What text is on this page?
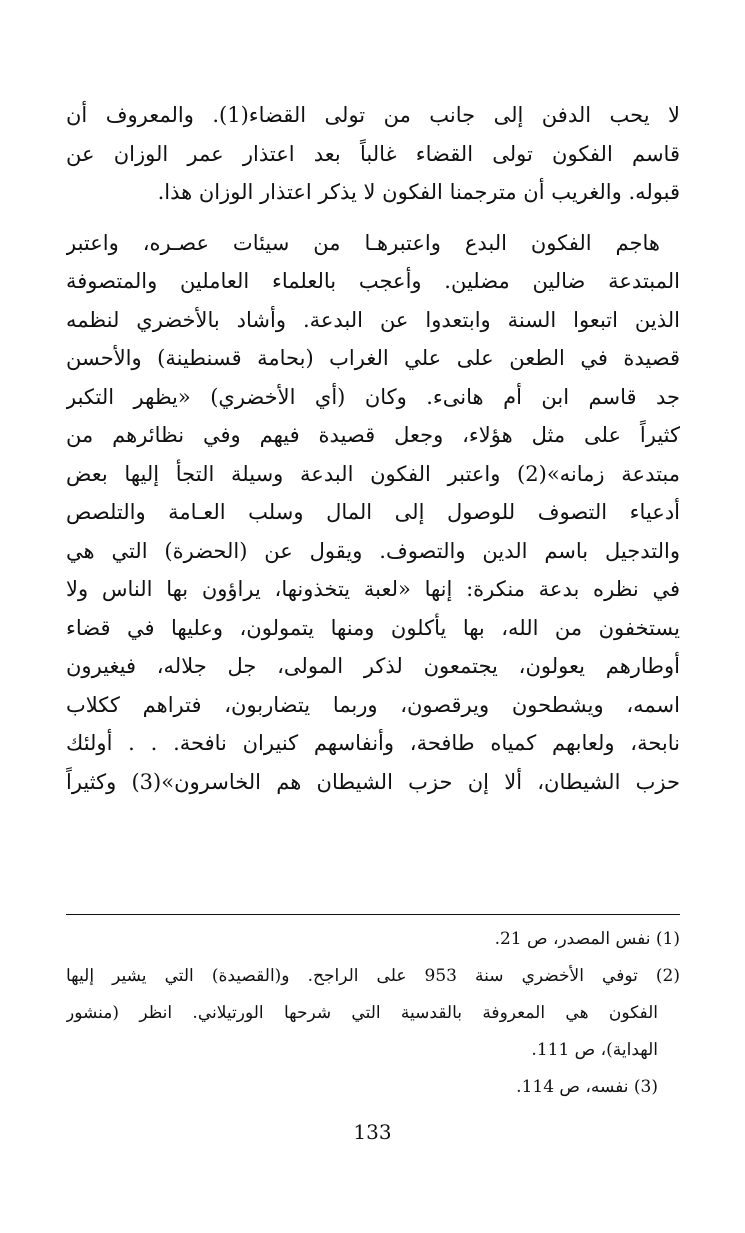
لا يحب الدفن إلى جانب من تولى القضاء(1). والمعروف أن
قاسم الفكون تولى القضاء غالباً بعد اعتذار عمر الوزان عن
قبوله. والغريب أن مترجمنا الفكون لا يذكر اعتذار الوزان هذا.
هاجم الفكون البدع واعتبرهـا من سيئات عصـره، واعتبر
المبتدعة ضالين مضلين. وأعجب بالعلماء العاملين والمتصوفة
الذين اتبعوا السنة وابتعدوا عن البدعة. وأشاد بالأخضري لنظمه
قصيدة في الطعن على علي الغراب (بحامة قسنطينة) والأحسن
جد قاسم ابن أم هانىء. وكان (أي الأخضري) «يظهر التكبر
كثيراً على مثل هؤلاء، وجعل قصيدة فيهم وفي نظائرهم من
مبتدعة زمانه»(2) واعتبر الفكون البدعة وسيلة التجأ إليها بعض
أدعياء التصوف للوصول إلى المال وسلب العـامة والتلصص
والتدجيل باسم الدين والتصوف. ويقول عن (الحضرة) التي هي
في نظره بدعة منكرة: إنها «لعبة يتخذونها، يراؤون بها الناس ولا
يستخفون من الله، بها يأكلون ومنها يتمولون، وعليها في قضاء
أوطارهم يعولون، يجتمعون لذكر المولى، جل جلاله، فيغيرون
اسمه، ويشطحون ويرقصون، وربما يتضاربون، فتراهم ككلاب
نابحة، ولعابهم كمياه طافحة، وأنفاسهم كنيران نافحة. . . أولئك
حزب الشيطان، ألا إن حزب الشيطان هم الخاسرون»(3) وكثيراً
(1) نفس المصدر، ص 21.
(2) توفي الأخضري سنة 953 على الراجح. و(القصيدة) التي يشير إليها
الفكون هي المعروفة بالقدسية التي شرحها الورتيلاني. انظر (منشور
الهداية)، ص 111.
(3) نفسه، ص 114.
133
